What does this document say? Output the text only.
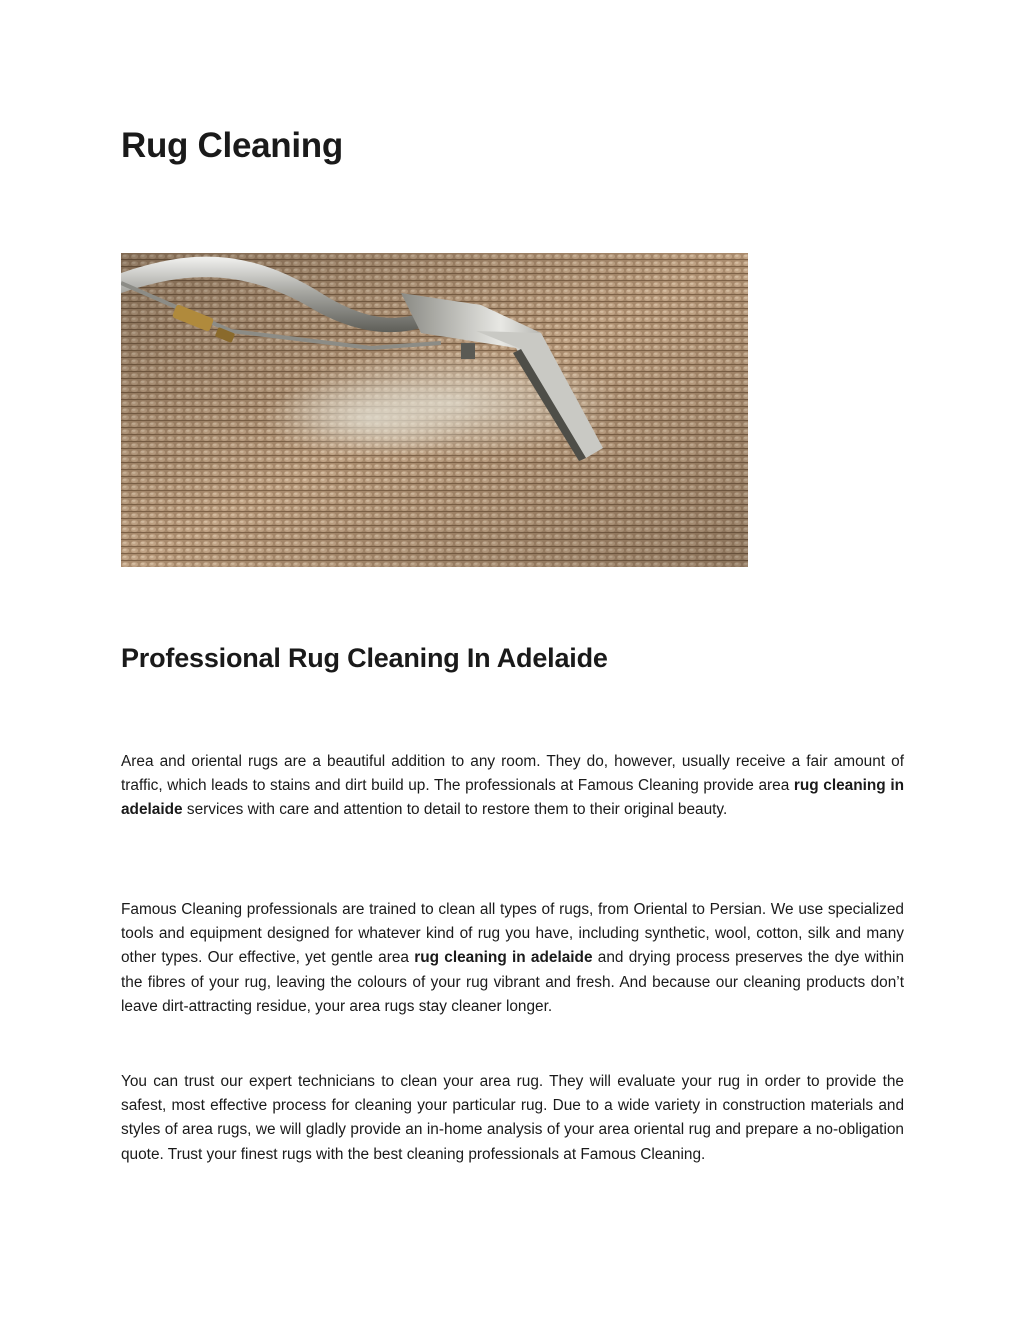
Rug Cleaning
Professional Rug Cleaning In Adelaide

Area and oriental rugs are a beautiful addition to any room. They do, however, usually receive a fair amount of traffic, which leads to stains and dirt build up. The professionals at Famous Cleaning provide area rug cleaning in adelaide services with care and attention to detail to restore them to their original beauty.

Famous Cleaning professionals are trained to clean all types of rugs, from Oriental to Persian. We use specialized tools and equipment designed for whatever kind of rug you have, including synthetic, wool, cotton, silk and many other types. Our effective, yet gentle area rug cleaning in adelaide and drying process preserves the dye within the fibres of your rug, leaving the colours of your rug vibrant and fresh. And because our cleaning products don’t leave dirt-attracting residue, your area rugs stay cleaner longer.

You can trust our expert technicians to clean your area rug. They will evaluate your rug in order to provide the safest, most effective process for cleaning your particular rug. Due to a wide variety in construction materials and styles of area rugs, we will gladly provide an in-home analysis of your area oriental rug and prepare a no-obligation quote. Trust your finest rugs with the best cleaning professionals at Famous Cleaning.
